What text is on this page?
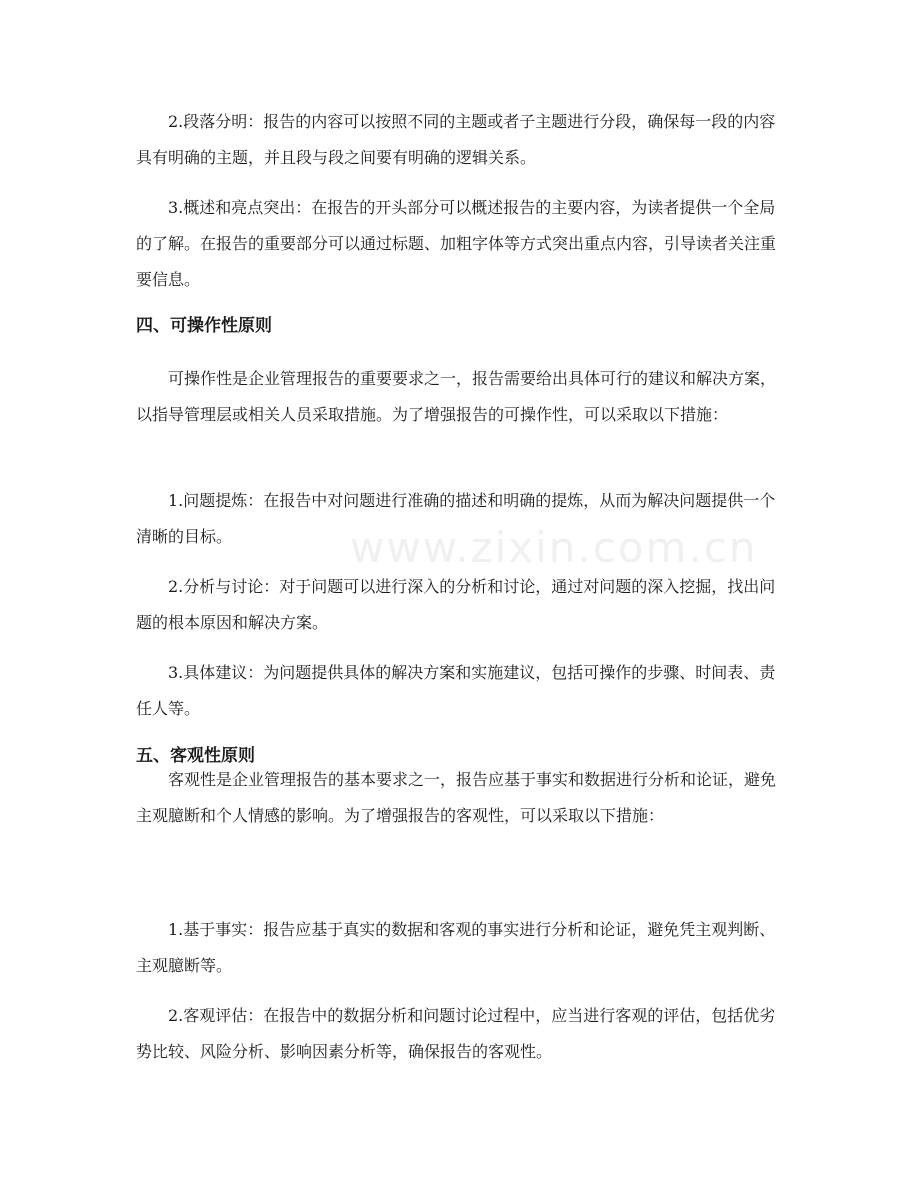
2.段落分明：报告的内容可以按照不同的主题或者子主题进行分段，确保每一段的内容具有明确的主题，并且段与段之间要有明确的逻辑关系。

3.概述和亮点突出：在报告的开头部分可以概述报告的主要内容，为读者提供一个全局的了解。在报告的重要部分可以通过标题、加粗字体等方式突出重点内容，引导读者关注重要信息。

四、可操作性原则

可操作性是企业管理报告的重要要求之一，报告需要给出具体可行的建议和解决方案，以指导管理层或相关人员采取措施。为了增强报告的可操作性，可以采取以下措施：

1.问题提炼：在报告中对问题进行准确的描述和明确的提炼，从而为解决问题提供一个清晰的目标。

2.分析与讨论：对于问题可以进行深入的分析和讨论，通过对问题的深入挖掘，找出问题的根本原因和解决方案。

3.具体建议：为问题提供具体的解决方案和实施建议，包括可操作的步骤、时间表、责任人等。

五、客观性原则

客观性是企业管理报告的基本要求之一，报告应基于事实和数据进行分析和论证，避免主观臆断和个人情感的影响。为了增强报告的客观性，可以采取以下措施：

1.基于事实：报告应基于真实的数据和客观的事实进行分析和论证，避免凭主观判断、主观臆断等。

2.客观评估：在报告中的数据分析和问题讨论过程中，应当进行客观的评估，包括优劣势比较、风险分析、影响因素分析等，确保报告的客观性。

www.zixin.com.cn
